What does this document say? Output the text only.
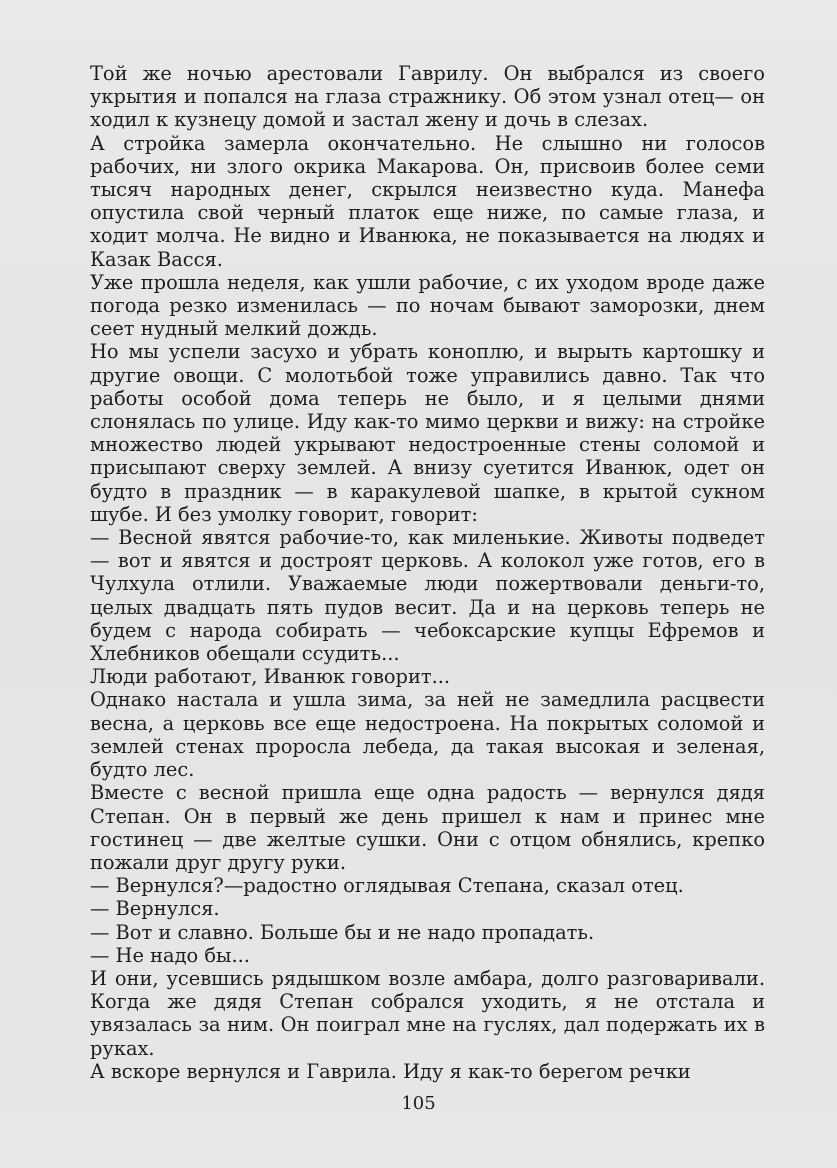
Той же ночью арестовали Гаврилу. Он выбрался из своего укрытия и попался на глаза стражнику. Об этом узнал отец— он ходил к кузнецу домой и застал жену и дочь в слезах.

А стройка замерла окончательно. Не слышно ни голосов рабочих, ни злого окрика Макарова. Он, присвоив более семи тысяч народных денег, скрылся неизвестно куда. Манефа опустила свой черный платок еще ниже, по самые глаза, и ходит молча. Не видно и Иванюка, не показывается на людях и Казак Васся.

Уже прошла неделя, как ушли рабочие, с их уходом вроде даже погода резко изменилась — по ночам бывают заморозки, днем сеет нудный мелкий дождь.

Но мы успели засухо и убрать коноплю, и вырыть картошку и другие овощи. С молотьбой тоже управились давно. Так что работы особой дома теперь не было, и я целыми днями слонялась по улице. Иду как-то мимо церкви и вижу: на стройке множество людей укрывают недостроенные стены соломой и присыпают сверху землей. А внизу суетится Иванюк, одет он будто в праздник — в каракулевой шапке, в крытой сукном шубе. И без умолку говорит, говорит:

— Весной явятся рабочие-то, как миленькие. Животы подведет — вот и явятся и достроят церковь. А колокол уже готов, его в Чулхула отлили. Уважаемые люди пожертвовали деньги-то, целых двадцать пять пудов весит. Да и на церковь теперь не будем с народа собирать — чебоксарские купцы Ефремов и Хлебников обещали ссудить...

Люди работают, Иванюк говорит...

Однако настала и ушла зима, за ней не замедлила расцвести весна, а церковь все еще недостроена. На покрытых соломой и землей стенах проросла лебеда, да такая высокая и зеленая, будто лес.

Вместе с весной пришла еще одна радость — вернулся дядя Степан. Он в первый же день пришел к нам и принес мне гостинец — две желтые сушки. Они с отцом обнялись, крепко пожали друг другу руки.

— Вернулся?—радостно оглядывая Степана, сказал отец.

— Вернулся.

— Вот и славно. Больше бы и не надо пропадать.

— Не надо бы...

И они, усевшись рядышком возле амбара, долго разговаривали. Когда же дядя Степан собрался уходить, я не отстала и увязалась за ним. Он поиграл мне на гуслях, дал подержать их в руках.

А вскоре вернулся и Гаврила. Иду я как-то берегом речки

105
